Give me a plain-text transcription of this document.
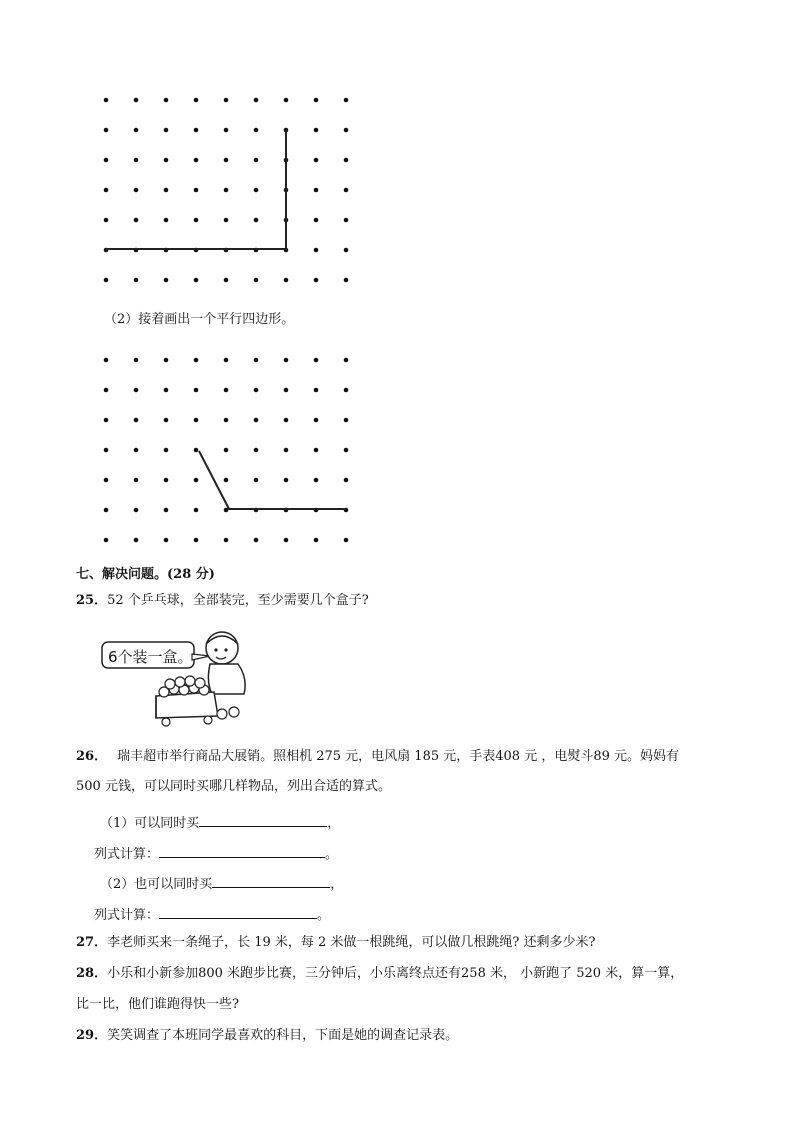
（2）接着画出一个平行四边形。
七、解决问题。(28 分)
25．52 个乒乓球，全部装完，至少需要几个盒子?
6个装一盒。
26． 瑞丰超市举行商品大展销。照相机 275 元，电风扇 185 元，手表408 元 ，电熨斗89 元。妈妈有
500 元钱，可以同时买哪几样物品，列出合适的算式。
（1）可以同时买	，
列式计算：	。
（2）也可以同时买	，
列式计算：	。
27．李老师买来一条绳子，长 19 米，每 2 米做一根跳绳，可以做几根跳绳? 还剩多少米?
28．小乐和小新参加800 米跑步比赛，三分钟后，小乐离终点还有258 米， 小新跑了 520 米，算一算，
比一比，他们谁跑得快一些?
29．笑笑调查了本班同学最喜欢的科目，下面是她的调查记录表。
